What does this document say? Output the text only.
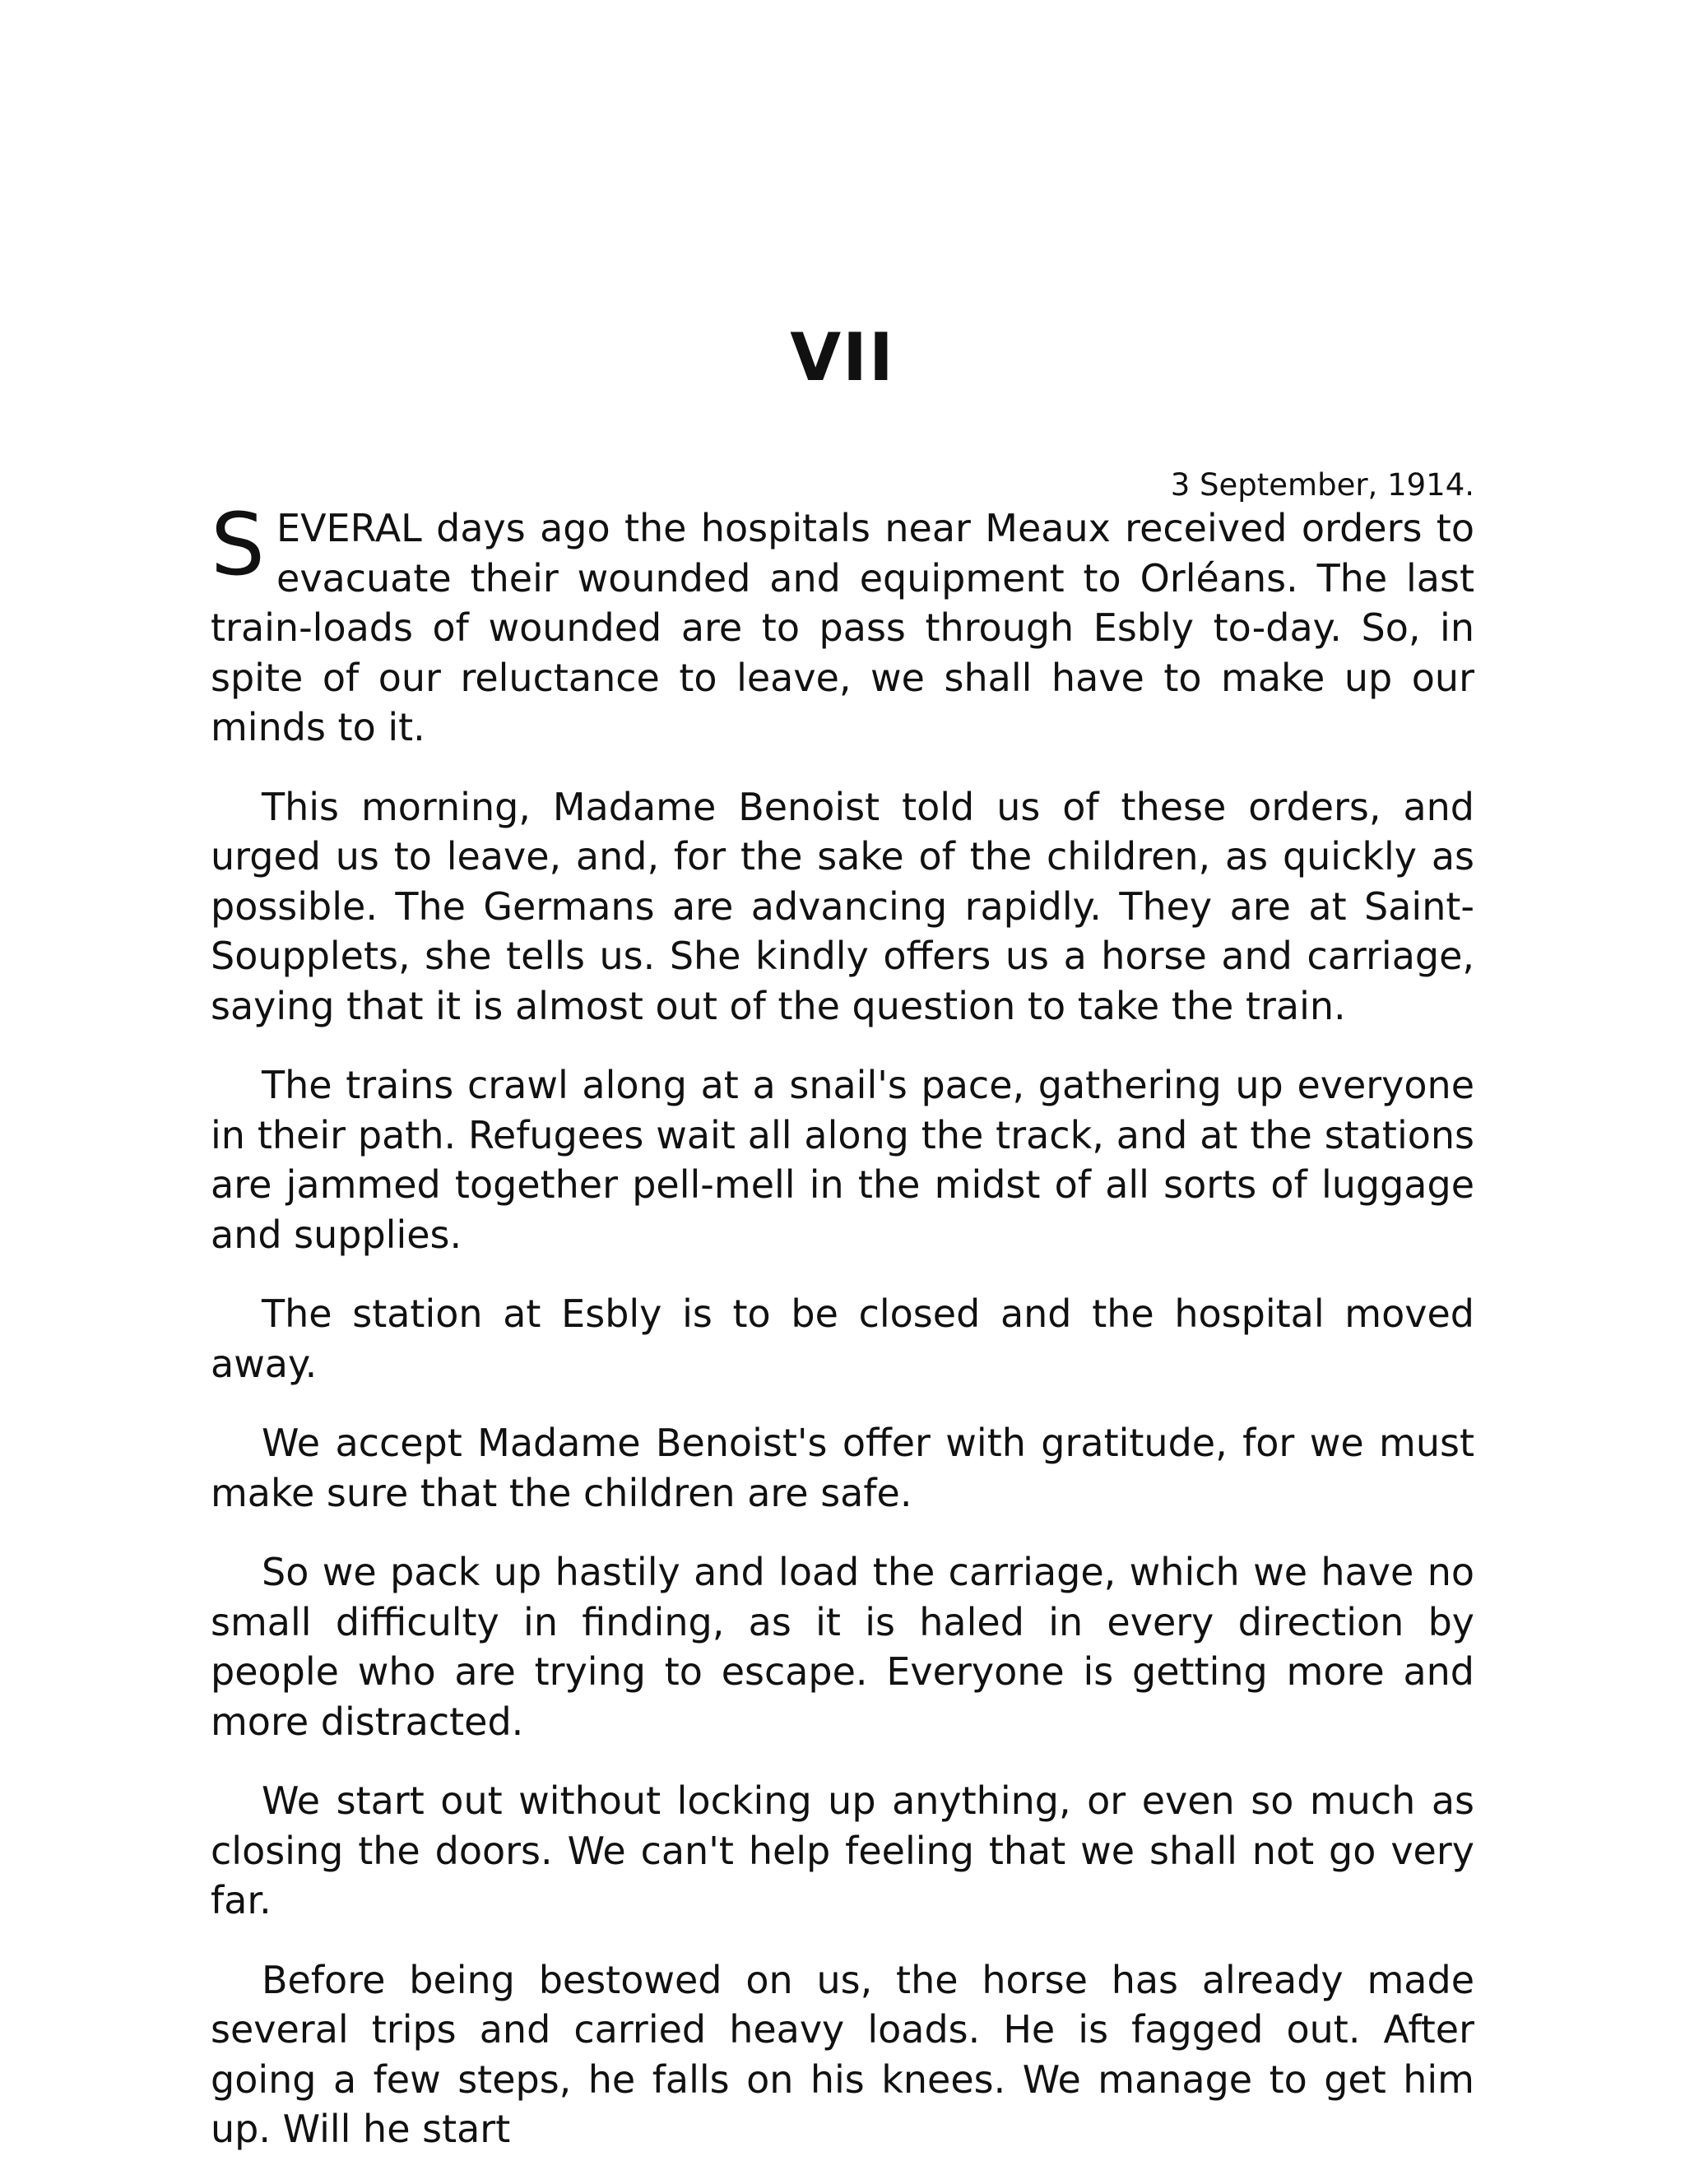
VII
3 September, 1914.

SEVERAL days ago the hospitals near Meaux received orders to evacuate their wounded and equipment to Orléans. The last train-loads of wounded are to pass through Esbly to-day. So, in spite of our reluctance to leave, we shall have to make up our minds to it.

This morning, Madame Benoist told us of these orders, and urged us to leave, and, for the sake of the children, as quickly as possible. The Germans are advancing rapidly. They are at Saint-Soupplets, she tells us. She kindly offers us a horse and carriage, saying that it is almost out of the question to take the train.

The trains crawl along at a snail's pace, gathering up everyone in their path. Refugees wait all along the track, and at the stations are jammed together pell-mell in the midst of all sorts of luggage and supplies.

The station at Esbly is to be closed and the hospital moved away.

We accept Madame Benoist's offer with gratitude, for we must make sure that the children are safe.

So we pack up hastily and load the carriage, which we have no small difficulty in finding, as it is haled in every direction by people who are trying to escape. Everyone is getting more and more distracted.

We start out without locking up anything, or even so much as closing the doors. We can't help feeling that we shall not go very far.

Before being bestowed on us, the horse has already made several trips and carried heavy loads. He is fagged out. After going a few steps, he falls on his knees. We manage to get him up. Will he start
